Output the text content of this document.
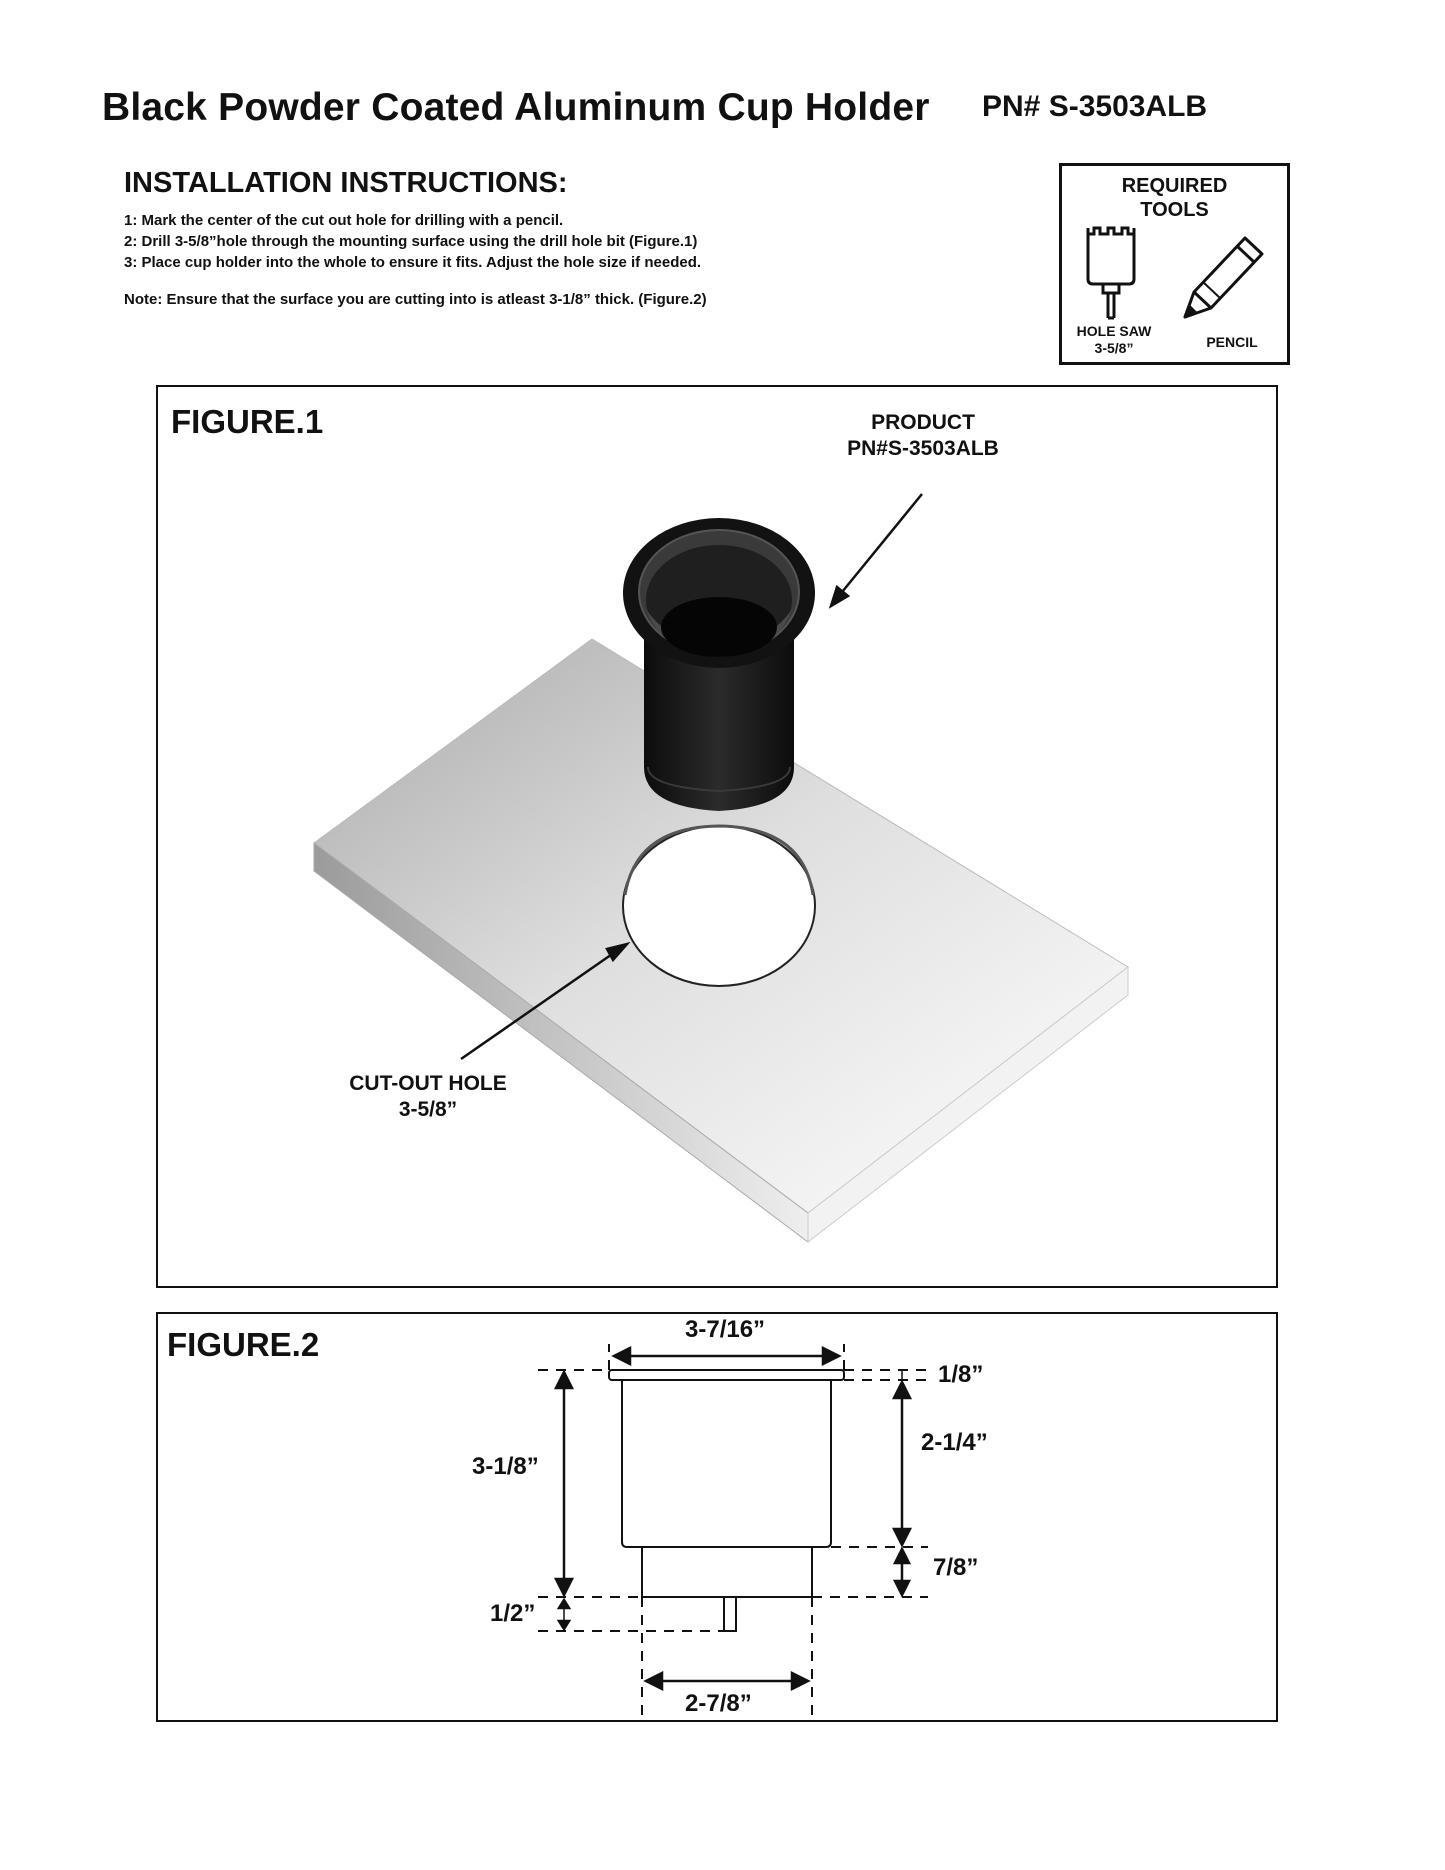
Black Powder Coated Aluminum Cup Holder PN# S-3503ALB
INSTALLATION INSTRUCTIONS:
1: Mark the center of the cut out hole for drilling with a pencil.
2: Drill 3-5/8”hole through the mounting surface using the drill hole bit (Figure.1)
3: Place cup holder into the whole to ensure it fits. Adjust the hole size if needed.
Note: Ensure that the surface you are cutting into is atleast 3-1/8” thick. (Figure.2)
REQUIRED
TOOLS
HOLE SAW
3-5/8”	PENCIL
FIGURE.1	PRODUCT
PN#S-3503ALB
CUT-OUT HOLE
3-5/8”
FIGURE.2	3-7/16”
1/8”
2-1/4”
7/8”
3-1/8”
1/2”
2-7/8”
